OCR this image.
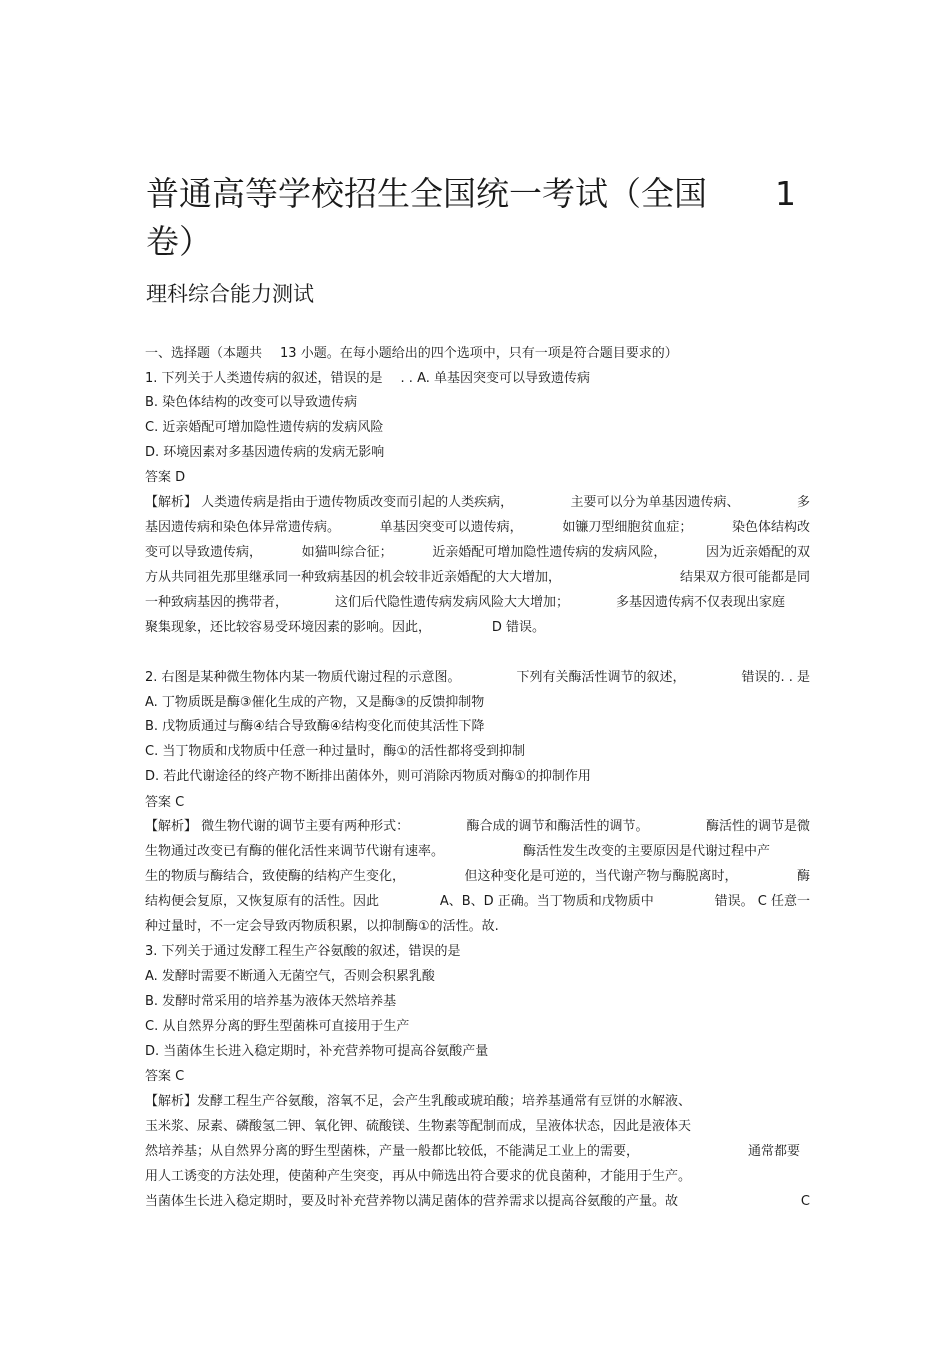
普通高等学校招生全国统一考试（全国 1
卷）
理科综合能力测试
一、选择题（本题共 13 小题。在每小题给出的四个选项中，只有一项是符合题目要求的）
1. 下列关于人类遗传病的叙述，错误的是 . . A. 单基因突变可以导致遗传病
B. 染色体结构的改变可以导致遗传病
C. 近亲婚配可增加隐性遗传病的发病风险
D. 环境因素对多基因遗传病的发病无影响
答案 D
【解析】 人类遗传病是指由于遗传物质改变而引起的人类疾病，	主要可以分为单基因遗传病、	多
基因遗传病和染色体异常遗传病。	单基因突变可以遗传病，	如镰刀型细胞贫血症；	染色体结构改
变可以导致遗传病，	如猫叫综合征；	近亲婚配可增加隐性遗传病的发病风险，	因为近亲婚配的双
方从共同祖先那里继承同一种致病基因的机会较非近亲婚配的大大增加，	结果双方很可能都是同
一种致病基因的携带者，	这们后代隐性遗传病发病风险大大增加；	多基因遗传病不仅表现出家庭
聚集现象，还比较容易受环境因素的影响。因此，	D 错误。
2. 右图是某种微生物体内某一物质代谢过程的示意图。	下列有关酶活性调节的叙述，	错误的. . 是
A. 丁物质既是酶③催化生成的产物，又是酶③的反馈抑制物
B. 戊物质通过与酶④结合导致酶④结构变化而使其活性下降
C. 当丁物质和戊物质中任意一种过量时，酶①的活性都将受到抑制
D. 若此代谢途径的终产物不断排出菌体外，则可消除丙物质对酶①的抑制作用
答案 C
【解析】 微生物代谢的调节主要有两种形式：	酶合成的调节和酶活性的调节。	酶活性的调节是微
生物通过改变已有酶的催化活性来调节代谢有速率。	酶活性发生改变的主要原因是代谢过程中产
生的物质与酶结合，致使酶的结构产生变化，	但这种变化是可逆的，当代谢产物与酶脱离时，	酶
结构便会复原，又恢复原有的活性。因此	A、B、D 正确。当丁物质和戊物质中	错误。 C 任意一
种过量时，不一定会导致丙物质积累，以抑制酶①的活性。故.
3. 下列关于通过发酵工程生产谷氨酸的叙述，错误的是
A. 发酵时需要不断通入无菌空气，否则会积累乳酸
B. 发酵时常采用的培养基为液体天然培养基
C. 从自然界分离的野生型菌株可直接用于生产
D. 当菌体生长进入稳定期时，补充营养物可提高谷氨酸产量
答案 C
【解析】发酵工程生产谷氨酸，溶氧不足，会产生乳酸或琥珀酸；培养基通常有豆饼的水解液、
玉米浆、尿素、磷酸氢二钾、氧化钾、硫酸镁、生物素等配制而成，呈液体状态，因此是液体天
然培养基；从自然界分离的野生型菌株，产量一般都比较低，不能满足工业上的需要，	通常都要
用人工诱变的方法处理，使菌种产生突变，再从中筛选出符合要求的优良菌种，才能用于生产。
当菌体生长进入稳定期时，要及时补充营养物以满足菌体的营养需求以提高谷氨酸的产量。故	C
